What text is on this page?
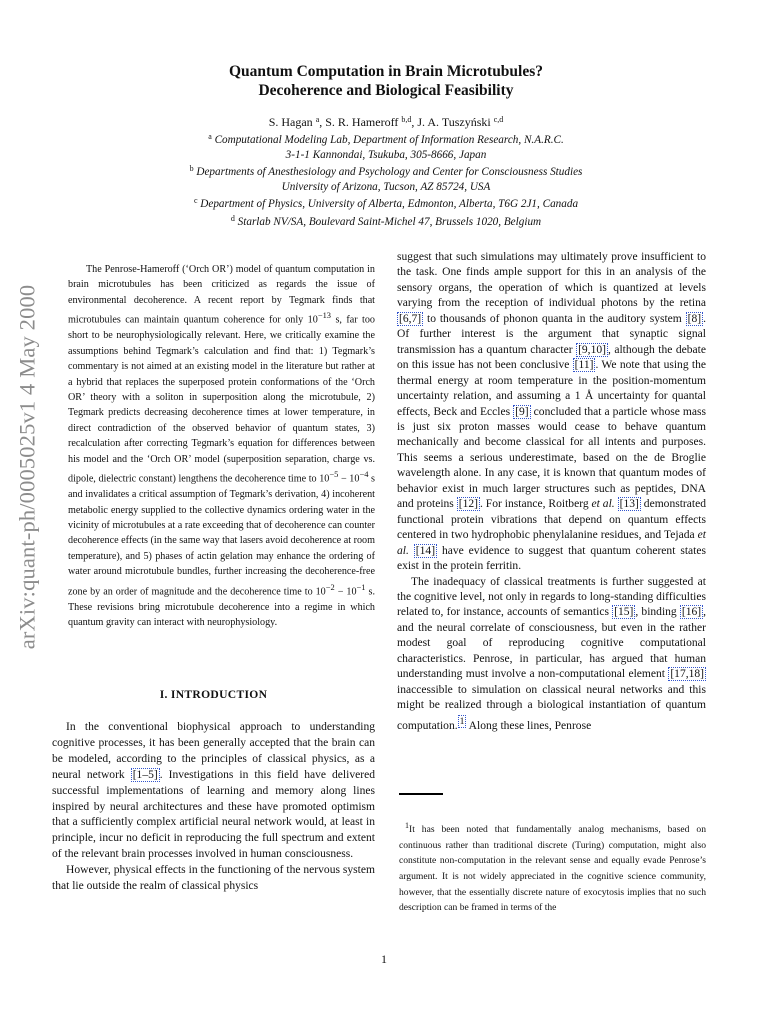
arXiv:quant-ph/0005025v1 4 May 2000
Quantum Computation in Brain Microtubules?
Decoherence and Biological Feasibility
S. Hagan $^a$, S. R. Hameroff $^{b,d}$, J. A. Tuszyński $^{c,d}$
$^a$ Computational Modeling Lab, Department of Information Research, N.A.R.C.
3-1-1 Kannondai, Tsukuba, 305-8666, Japan
$^b$ Departments of Anesthesiology and Psychology and Center for Consciousness Studies
University of Arizona, Tucson, AZ 85724, USA
$^c$ Department of Physics, University of Alberta, Edmonton, Alberta, T6G 2J1, Canada
$^d$ Starlab NV/SA, Boulevard Saint-Michel 47, Brussels 1020, Belgium
The Penrose-Hameroff (‘Orch OR’) model of quantum computation in brain microtubules has been criticized as regards the issue of environmental decoherence. A recent report by Tegmark finds that microtubules can maintain quantum coherence for only $10^{-13}$ s, far too short to be neurophysiologically relevant. Here, we critically examine the assumptions behind Tegmark’s calculation and find that: 1) Tegmark’s commentary is not aimed at an existing model in the literature but rather at a hybrid that replaces the superposed protein conformations of the ‘Orch OR’ theory with a soliton in superposition along the microtubule, 2) Tegmark predicts decreasing decoherence times at lower temperature, in direct contradiction of the observed behavior of quantum states, 3) recalculation after correcting Tegmark’s equation for differences between his model and the ‘Orch OR’ model (superposition separation, charge vs. dipole, dielectric constant) lengthens the decoherence time to $10^{-5} - 10^{-4}$ s and invalidates a critical assumption of Tegmark’s derivation, 4) incoherent metabolic energy supplied to the collective dynamics ordering water in the vicinity of microtubules at a rate exceeding that of decoherence can counter decoherence effects (in the same way that lasers avoid decoherence at room temperature), and 5) phases of actin gelation may enhance the ordering of water around microtubule bundles, further increasing the decoherence-free zone by an order of magnitude and the decoherence time to $10^{-2} - 10^{-1}$ s. These revisions bring microtubule decoherence into a regime in which quantum gravity can interact with neurophysiology.
I. INTRODUCTION

In the conventional biophysical approach to understanding cognitive processes, it has been generally accepted that the brain can be modeled, according to the principles of classical physics, as a neural network [1–5] . Investigations in this field have delivered successful implementations of learning and memory along lines inspired by neural architectures and these have promoted optimism that a sufficiently complex artificial neural network would, at least in principle, incur no deficit in reproducing the full spectrum and extent of the relevant brain processes involved in human consciousness.

However, physical effects in the functioning of the nervous system that lie outside the realm of classical physics

suggest that such simulations may ultimately prove insufficient to the task. One finds ample support for this in an analysis of the sensory organs, the operation of which is quantized at levels varying from the reception of individual photons by the retina [6,7] to thousands of phonon quanta in the auditory system [8] . Of further interest is the argument that synaptic signal transmission has a quantum character [9,10] , although the debate on this issue has not been conclusive [11] . We note that using the thermal energy at room temperature in the position-momentum uncertainty relation, and assuming a 1 Å uncertainty for quantal effects, Beck and Eccles [9] concluded that a particle whose mass is just six proton masses would cease to behave quantum mechanically and become classical for all intents and purposes. This seems a serious underestimate, based on the de Broglie wavelength alone. In any case, it is known that quantum modes of behavior exist in much larger structures such as peptides, DNA and proteins [12] . For instance, Roitberg et al. [13] demonstrated functional protein vibrations that depend on quantum effects centered in two hydrophobic phenylalanine residues, and Tejada et al. [14] have evidence to suggest that quantum coherent states exist in the protein ferritin.

The inadequacy of classical treatments is further suggested at the cognitive level, not only in regards to long-standing difficulties related to, for instance, accounts of semantics [15] , binding [16] , and the neural correlate of consciousness, but even in the rather modest goal of reproducing cognitive computational characteristics. Penrose, in particular, has argued that human understanding must involve a non-computational element [17,18] inaccessible to simulation on classical neural networks and this might be realized through a biological instantiation of quantum computation. $^1$ Along these lines, Penrose

$^1$It has been noted that fundamentally analog mechanisms, based on continuous rather than traditional discrete (Turing) computation, might also constitute non-computation in the relevant sense and equally evade Penrose’s argument. It is not widely appreciated in the cognitive science community, however, that the essentially discrete nature of exocytosis implies that no such description can be framed in terms of the
1
